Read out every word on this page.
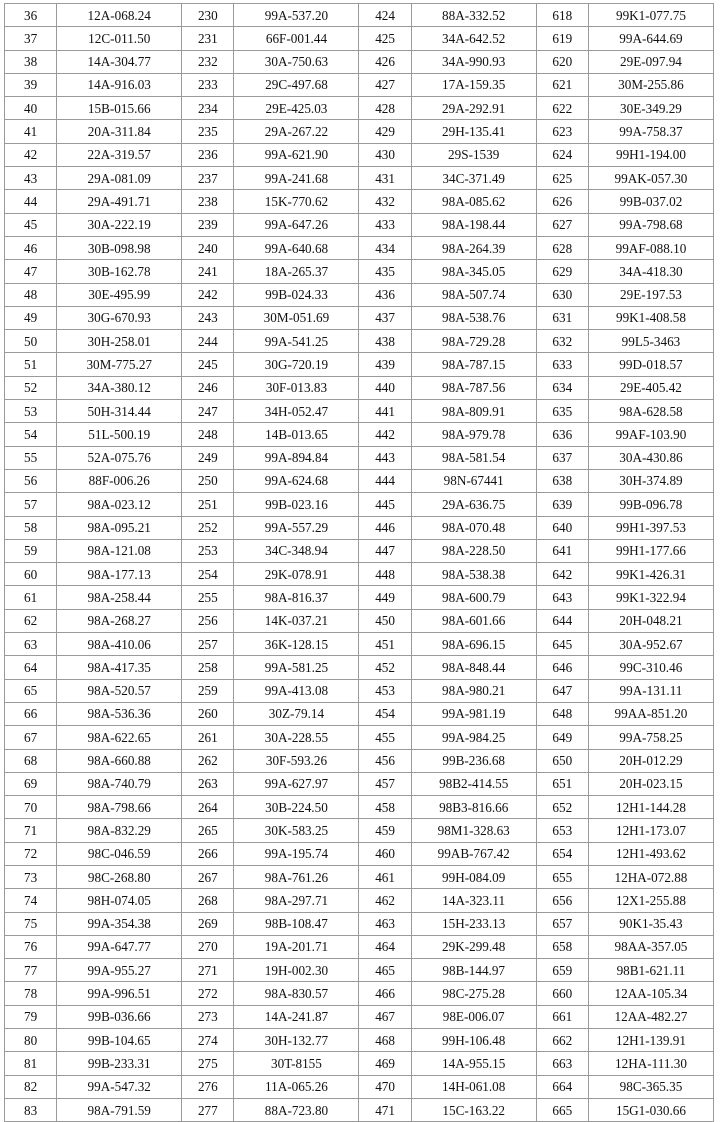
36	12A-068.24	230	99A-537.20	424	88A-332.52	618	99K1-077.75
37	12C-011.50	231	66F-001.44	425	34A-642.52	619	99A-644.69
38	14A-304.77	232	30A-750.63	426	34A-990.93	620	29E-097.94
39	14A-916.03	233	29C-497.68	427	17A-159.35	621	30M-255.86
40	15B-015.66	234	29E-425.03	428	29A-292.91	622	30E-349.29
41	20A-311.84	235	29A-267.22	429	29H-135.41	623	99A-758.37
42	22A-319.57	236	99A-621.90	430	29S-1539	624	99H1-194.00
43	29A-081.09	237	99A-241.68	431	34C-371.49	625	99AK-057.30
44	29A-491.71	238	15K-770.62	432	98A-085.62	626	99B-037.02
45	30A-222.19	239	99A-647.26	433	98A-198.44	627	99A-798.68
46	30B-098.98	240	99A-640.68	434	98A-264.39	628	99AF-088.10
47	30B-162.78	241	18A-265.37	435	98A-345.05	629	34A-418.30
48	30E-495.99	242	99B-024.33	436	98A-507.74	630	29E-197.53
49	30G-670.93	243	30M-051.69	437	98A-538.76	631	99K1-408.58
50	30H-258.01	244	99A-541.25	438	98A-729.28	632	99L5-3463
51	30M-775.27	245	30G-720.19	439	98A-787.15	633	99D-018.57
52	34A-380.12	246	30F-013.83	440	98A-787.56	634	29E-405.42
53	50H-314.44	247	34H-052.47	441	98A-809.91	635	98A-628.58
54	51L-500.19	248	14B-013.65	442	98A-979.78	636	99AF-103.90
55	52A-075.76	249	99A-894.84	443	98A-581.54	637	30A-430.86
56	88F-006.26	250	99A-624.68	444	98N-67441	638	30H-374.89
57	98A-023.12	251	99B-023.16	445	29A-636.75	639	99B-096.78
58	98A-095.21	252	99A-557.29	446	98A-070.48	640	99H1-397.53
59	98A-121.08	253	34C-348.94	447	98A-228.50	641	99H1-177.66
60	98A-177.13	254	29K-078.91	448	98A-538.38	642	99K1-426.31
61	98A-258.44	255	98A-816.37	449	98A-600.79	643	99K1-322.94
62	98A-268.27	256	14K-037.21	450	98A-601.66	644	20H-048.21
63	98A-410.06	257	36K-128.15	451	98A-696.15	645	30A-952.67
64	98A-417.35	258	99A-581.25	452	98A-848.44	646	99C-310.46
65	98A-520.57	259	99A-413.08	453	98A-980.21	647	99A-131.11
66	98A-536.36	260	30Z-79.14	454	99A-981.19	648	99AA-851.20
67	98A-622.65	261	30A-228.55	455	99A-984.25	649	99A-758.25
68	98A-660.88	262	30F-593.26	456	99B-236.68	650	20H-012.29
69	98A-740.79	263	99A-627.97	457	98B2-414.55	651	20H-023.15
70	98A-798.66	264	30B-224.50	458	98B3-816.66	652	12H1-144.28
71	98A-832.29	265	30K-583.25	459	98M1-328.63	653	12H1-173.07
72	98C-046.59	266	99A-195.74	460	99AB-767.42	654	12H1-493.62
73	98C-268.80	267	98A-761.26	461	99H-084.09	655	12HA-072.88
74	98H-074.05	268	98A-297.71	462	14A-323.11	656	12X1-255.88
75	99A-354.38	269	98B-108.47	463	15H-233.13	657	90K1-35.43
76	99A-647.77	270	19A-201.71	464	29K-299.48	658	98AA-357.05
77	99A-955.27	271	19H-002.30	465	98B-144.97	659	98B1-621.11
78	99A-996.51	272	98A-830.57	466	98C-275.28	660	12AA-105.34
79	99B-036.66	273	14A-241.87	467	98E-006.07	661	12AA-482.27
80	99B-104.65	274	30H-132.77	468	99H-106.48	662	12H1-139.91
81	99B-233.31	275	30T-8155	469	14A-955.15	663	12HA-111.30
82	99A-547.32	276	11A-065.26	470	14H-061.08	664	98C-365.35
83	98A-791.59	277	88A-723.80	471	15C-163.22	665	15G1-030.66
